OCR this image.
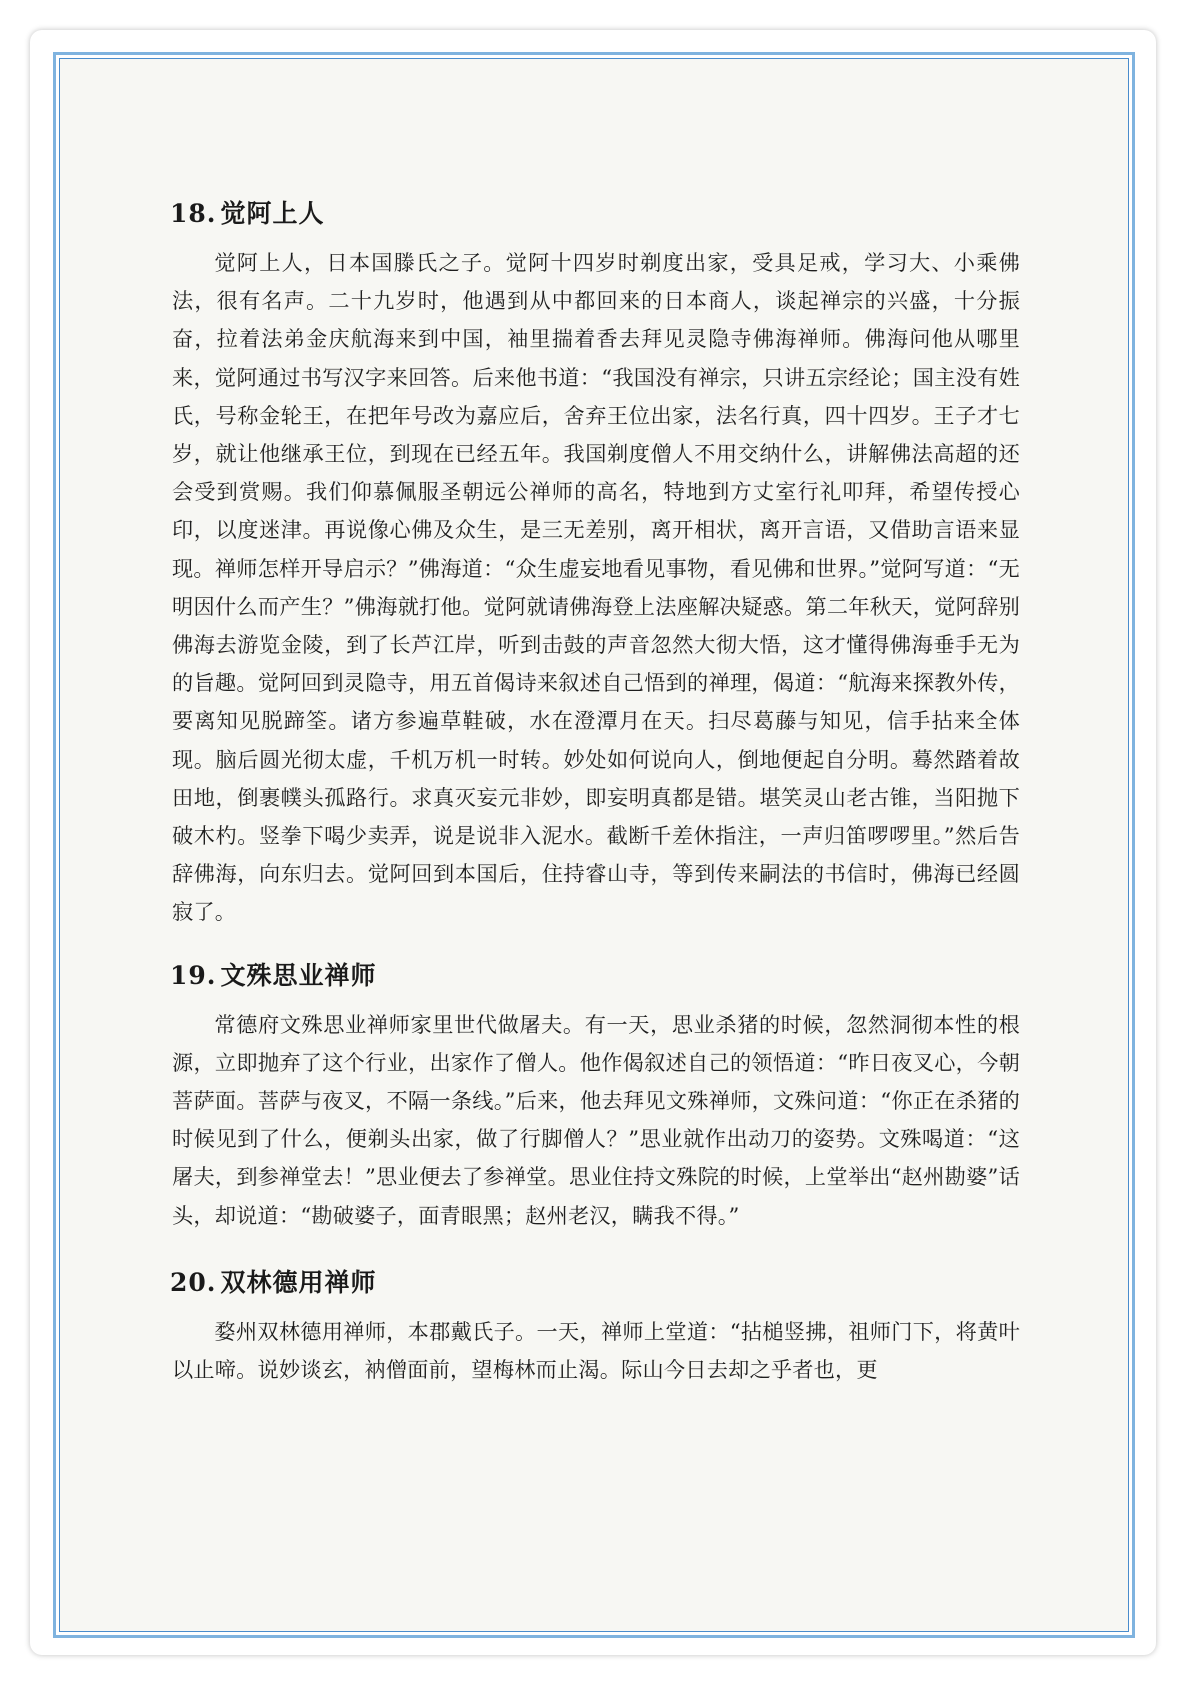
18. 觉阿上人

觉阿上人，日本国滕氏之子。觉阿十四岁时剃度出家，受具足戒，学习大、小乘佛法，很有名声。二十九岁时，他遇到从中都回来的日本商人，谈起禅宗的兴盛，十分振奋，拉着法弟金庆航海来到中国，袖里揣着香去拜见灵隐寺佛海禅师。佛海问他从哪里来，觉阿通过书写汉字来回答。后来他书道：“我国没有禅宗，只讲五宗经论；国主没有姓氏，号称金轮王，在把年号改为嘉应后，舍弃王位出家，法名行真，四十四岁。王子才七岁，就让他继承王位，到现在已经五年。我国剃度僧人不用交纳什么，讲解佛法高超的还会受到赏赐。我们仰慕佩服圣朝远公禅师的高名，特地到方丈室行礼叩拜，希望传授心印，以度迷津。再说像心佛及众生，是三无差别，离开相状，离开言语，又借助言语来显现。禅师怎样开导启示？”佛海道：“众生虚妄地看见事物，看见佛和世界。”觉阿写道：“无明因什么而产生？”佛海就打他。觉阿就请佛海登上法座解决疑惑。第二年秋天，觉阿辞别佛海去游览金陵，到了长芦江岸，听到击鼓的声音忽然大彻大悟，这才懂得佛海垂手无为的旨趣。觉阿回到灵隐寺，用五首偈诗来叙述自己悟到的禅理，偈道：“航海来探教外传，要离知见脱蹄筌。诸方参遍草鞋破，水在澄潭月在天。扫尽葛藤与知见，信手拈来全体现。脑后圆光彻太虚，千机万机一时转。妙处如何说向人，倒地便起自分明。蓦然踏着故田地，倒裹幞头孤路行。求真灭妄元非妙，即妄明真都是错。堪笑灵山老古锥，当阳抛下破木杓。竖拳下喝少卖弄，说是说非入泥水。截断千差休指注，一声归笛啰啰里。”然后告辞佛海，向东归去。觉阿回到本国后，住持睿山寺，等到传来嗣法的书信时，佛海已经圆寂了。

19. 文殊思业禅师

常德府文殊思业禅师家里世代做屠夫。有一天，思业杀猪的时候，忽然洞彻本性的根源，立即抛弃了这个行业，出家作了僧人。他作偈叙述自己的领悟道：“昨日夜叉心，今朝菩萨面。菩萨与夜叉，不隔一条线。”后来，他去拜见文殊禅师，文殊问道：“你正在杀猪的时候见到了什么，便剃头出家，做了行脚僧人？”思业就作出动刀的姿势。文殊喝道：“这屠夫，到参禅堂去！”思业便去了参禅堂。思业住持文殊院的时候，上堂举出“赵州勘婆”话头，却说道：“勘破婆子，面青眼黑；赵州老汉，瞒我不得。”

20. 双林德用禅师

婺州双林德用禅师，本郡戴氏子。一天，禅师上堂道：“拈槌竖拂，祖师门下，将黄叶以止啼。说妙谈玄，衲僧面前，望梅林而止渴。际山今日去却之乎者也，更
